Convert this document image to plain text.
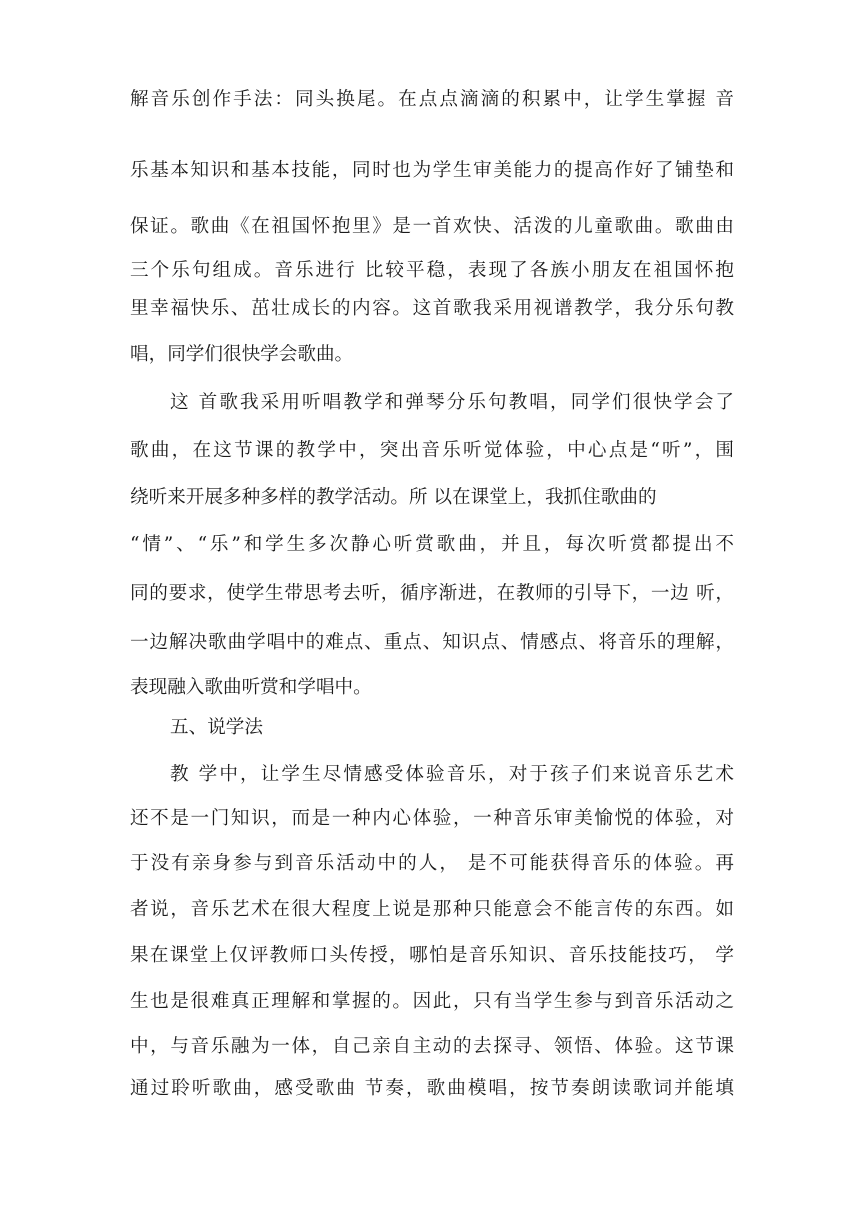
解音乐创作手法：同头换尾。在点点滴滴的积累中，让学生掌握 音
乐基本知识和基本技能，同时也为学生审美能力的提高作好了铺垫和
保证。歌曲《在祖国怀抱里》是一首欢快、活泼的儿童歌曲。歌曲由
三个乐句组成。音乐进行 比较平稳，表现了各族小朋友在祖国怀抱
里幸福快乐、茁壮成长的内容。这首歌我采用视谱教学，我分乐句教
唱，同学们很快学会歌曲。
这 首歌我采用听唱教学和弹琴分乐句教唱，同学们很快学会了
歌曲，在这节课的教学中，突出音乐听觉体验，中心点是“听”，围
绕听来开展多种多样的教学活动。所 以在课堂上，我抓住歌曲的
“情”、“乐”和学生多次静心听赏歌曲，并且，每次听赏都提出不
同的要求，使学生带思考去听，循序渐进，在教师的引导下，一边 听，
一边解决歌曲学唱中的难点、重点、知识点、情感点、将音乐的理解，
表现融入歌曲听赏和学唱中。
五、说学法
教 学中，让学生尽情感受体验音乐，对于孩子们来说音乐艺术
还不是一门知识，而是一种内心体验，一种音乐审美愉悦的体验，对
于没有亲身参与到音乐活动中的人， 是不可能获得音乐的体验。再
者说，音乐艺术在很大程度上说是那种只能意会不能言传的东西。如
果在课堂上仅评教师口头传授，哪怕是音乐知识、音乐技能技巧， 学
生也是很难真正理解和掌握的。因此，只有当学生参与到音乐活动之
中，与音乐融为一体，自己亲自主动的去探寻、领悟、体验。这节课
通过聆听歌曲，感受歌曲 节奏，歌曲模唱，按节奏朗读歌词并能填
